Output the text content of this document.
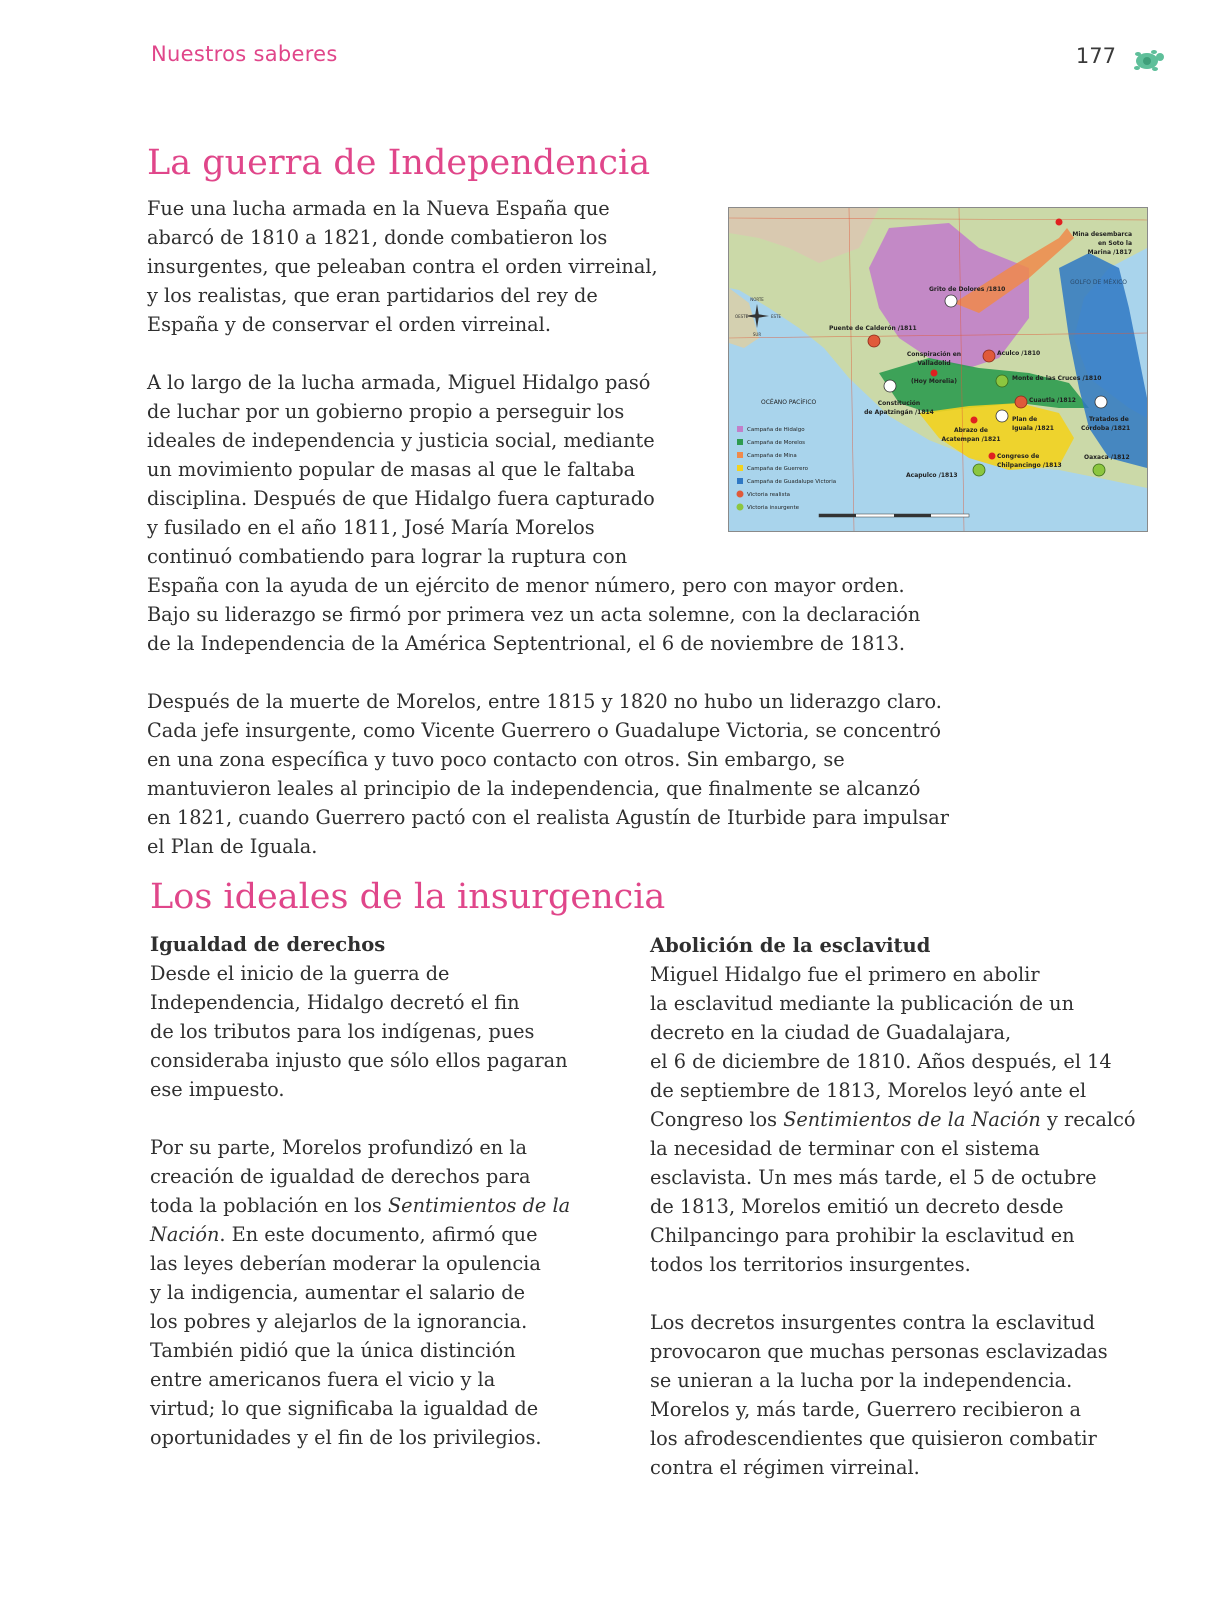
Nuestros saberes	177
La guerra de Independencia

Fue una lucha armada en la Nueva España que
abarcó de 1810 a 1821, donde combatieron los
insurgentes, que peleaban contra el orden virreinal,
y los realistas, que eran partidarios del rey de
España y de conservar el orden virreinal.

A lo largo de la lucha armada, Miguel Hidalgo pasó
de luchar por un gobierno propio a perseguir los
ideales de independencia y justicia social, mediante
un movimiento popular de masas al que le faltaba
disciplina. Después de que Hidalgo fuera capturado
y fusilado en el año 1811, José María Morelos
continuó combatiendo para lograr la ruptura con
España con la ayuda de un ejército de menor número, pero con mayor orden.
Bajo su liderazgo se firmó por primera vez un acta solemne, con la declaración
de la Independencia de la América Septentrional, el 6 de noviembre de 1813.

Después de la muerte de Morelos, entre 1815 y 1820 no hubo un liderazgo claro.
Cada jefe insurgente, como Vicente Guerrero o Guadalupe Victoria, se concentró
en una zona específica y tuvo poco contacto con otros. Sin embargo, se
mantuvieron leales al principio de la independencia, que finalmente se alcanzó
en 1821, cuando Guerrero pactó con el realista Agustín de Iturbide para impulsar
el Plan de Iguala.

NORTE
SUR
OESTE	ESTE
Mina desembarca
en Soto la
Marina /1817
GOLFO DE MÉXICO
Grito de Dolores /1810
Puente de Calderón /1811
Conspiración en
Valladolid
(Hoy Morelia)
Aculco /1810
Monte de las Cruces /1810
Cuautla /1812
Tratados de
Córdoba /1821
OCÉANO PACÍFICO	Constitución
de Apatzingán /1814
Plan de
Iguala /1821
Abrazo de
Acatempan /1821
Congreso de
Chilpancingo /1813
Oaxaca /1812
Acapulco /1813
Campaña de Hidalgo
Campaña de Morelos
Campaña de Mina
Campaña de Guerrero
Campaña de Guadalupe Victoria
Victoria realista
Victoria insurgente
Los ideales de la insurgencia

Igualdad de derechos

Desde el inicio de la guerra de
Independencia, Hidalgo decretó el fin
de los tributos para los indígenas, pues
consideraba injusto que sólo ellos pagaran
ese impuesto.

Por su parte, Morelos profundizó en la
creación de igualdad de derechos para
toda la población en los Sentimientos de la
Nación. En este documento, afirmó que
las leyes deberían moderar la opulencia
y la indigencia, aumentar el salario de
los pobres y alejarlos de la ignorancia.
También pidió que la única distinción
entre americanos fuera el vicio y la
virtud; lo que significaba la igualdad de
oportunidades y el fin de los privilegios.

Abolición de la esclavitud

Miguel Hidalgo fue el primero en abolir
la esclavitud mediante la publicación de un
decreto en la ciudad de Guadalajara,
el 6 de diciembre de 1810. Años después, el 14
de septiembre de 1813, Morelos leyó ante el
Congreso los Sentimientos de la Nación y recalcó
la necesidad de terminar con el sistema
esclavista. Un mes más tarde, el 5 de octubre
de 1813, Morelos emitió un decreto desde
Chilpancingo para prohibir la esclavitud en
todos los territorios insurgentes.

Los decretos insurgentes contra la esclavitud
provocaron que muchas personas esclavizadas
se unieran a la lucha por la independencia.
Morelos y, más tarde, Guerrero recibieron a
los afrodescendientes que quisieron combatir
contra el régimen virreinal.
